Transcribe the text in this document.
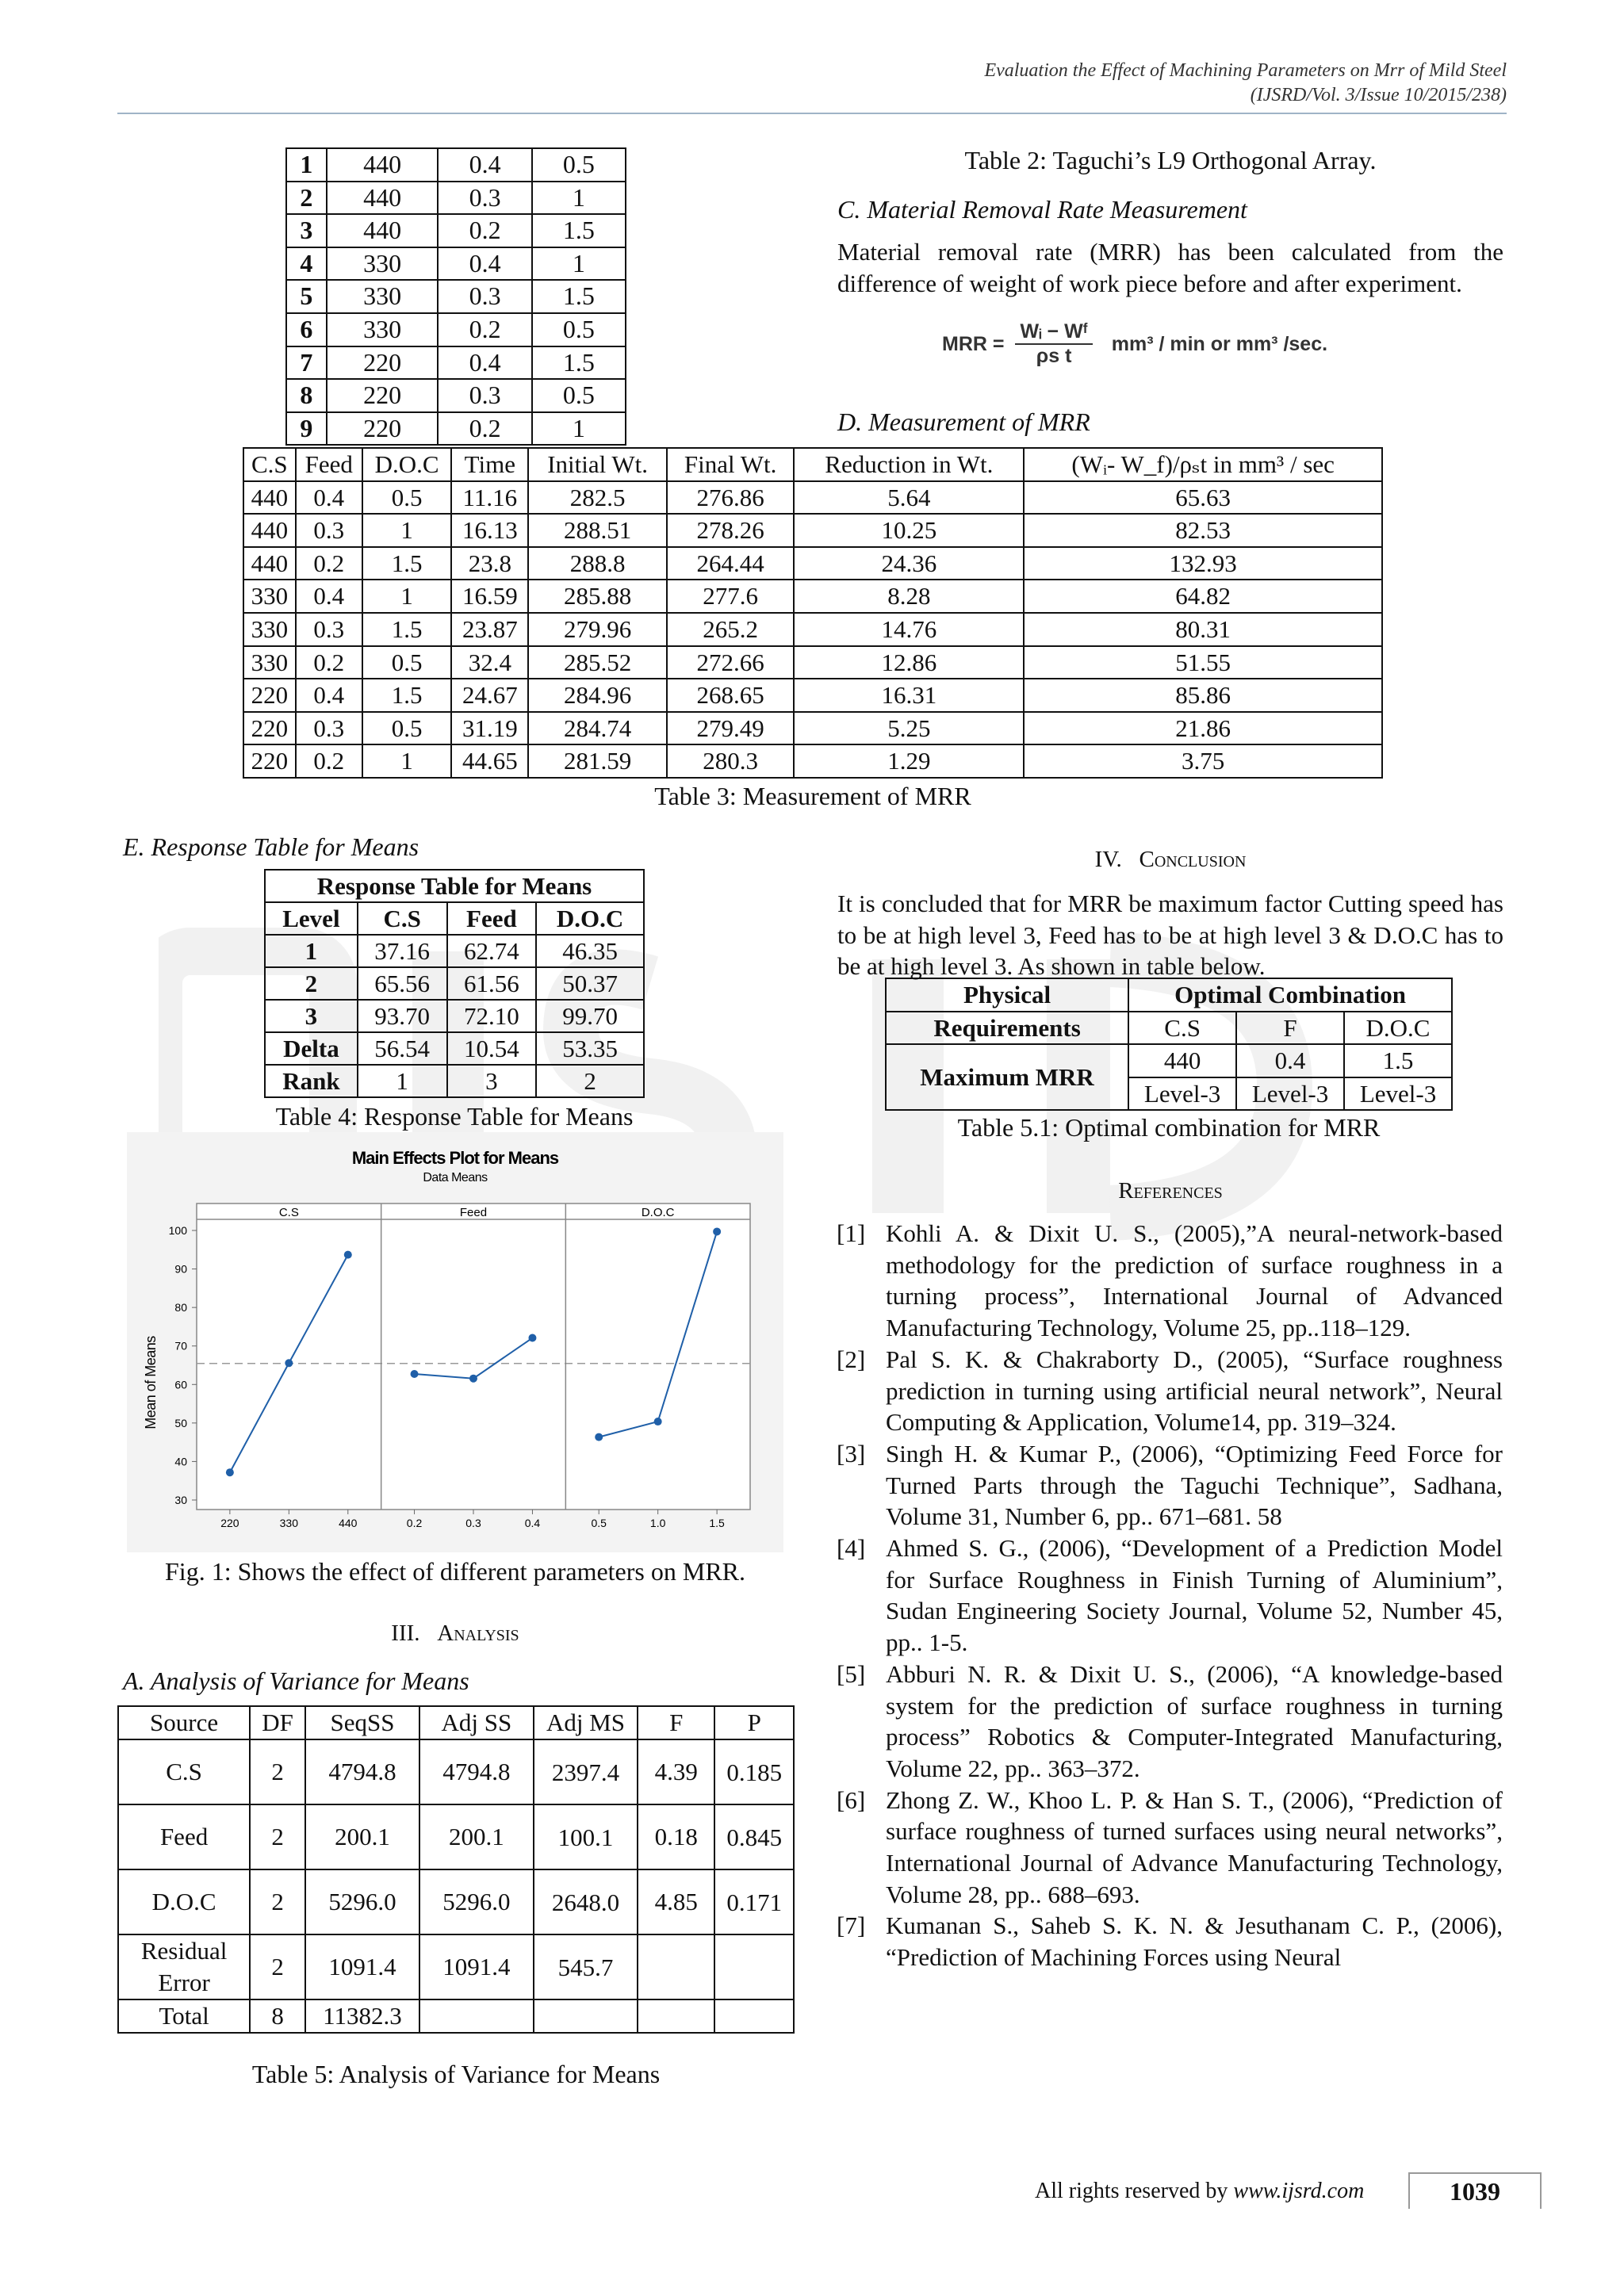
Evaluation the Effect of Machining Parameters on Mrr of Mild Steel
(IJSRD/Vol. 3/Issue 10/2015/238)
1	440	0.4	0.5
2	440	0.3	1
3	440	0.2	1.5
4	330	0.4	1
5	330	0.3	1.5
6	330	0.2	0.5
7	220	0.4	1.5
8	220	0.3	0.5
9	220	0.2	1
Table 2: Taguchi’s L9 Orthogonal Array.
C. Material Removal Rate Measurement
Material removal rate (MRR) has been calculated from the difference of weight of work piece before and after experiment.
MRR = $\frac{\text{Wᵢ − Wᶠ}}{\text{ρs t}} mm^3$ / min or mm³ /sec.
D. Measurement of MRR
C.S	Feed	D.O.C	Time	Initial Wt.	Final Wt.	Reduction in Wt.	(Wᵢ- W_f)/ρₛt in mm³ / sec
440	0.4	0.5	11.16	282.5	276.86	5.64	65.63
440	0.3	1	16.13	288.51	278.26	10.25	82.53
440	0.2	1.5	23.8	288.8	264.44	24.36	132.93
330	0.4	1	16.59	285.88	277.6	8.28	64.82
330	0.3	1.5	23.87	279.96	265.2	14.76	80.31
330	0.2	0.5	32.4	285.52	272.66	12.86	51.55
220	0.4	1.5	24.67	284.96	268.65	16.31	85.86
220	0.3	0.5	31.19	284.74	279.49	5.25	21.86
220	0.2	1	44.65	281.59	280.3	1.29	3.75
Table 3: Measurement of MRR
E. Response Table for Means
Response Table for Means			
Level	C.S	Feed	D.O.C
1	37.16	62.74	46.35
2	65.56	61.56	50.37
3	93.70	72.10	99.70
Delta	56.54	10.54	53.35
Rank	1	3	2
Table 4: Response Table for Means
Main Effects Plot for Means
Data Means
Mean of Means
30
40
50
60
70
80
90
100
C.S
220	330	440
Feed
0.2	0.3	0.4
D.O.C
0.5	1.0	1.5
Fig. 1: Shows the effect of different parameters on MRR.
III. Analysis
A. Analysis of Variance for Means
Source	DF	SeqSS	Adj SS	Adj MS	F	P
C.S	2	4794.8	4794.8	2397.4	4.39	0.185
Feed	2	200.1	200.1	100.1	0.18	0.845
D.O.C	2	5296.0	5296.0	2648.0	4.85	0.171
Residual Error	2	1091.4	1091.4	545.7		
Total	8	11382.3				
Table 5: Analysis of Variance for Means
IV. Conclusion
It is concluded that for MRR be maximum factor Cutting speed has to be at high level 3, Feed has to be at high level 3 & D.O.C has to be at high level 3. As shown in table below.
Physical	Optimal Combination		
Requirements	C.S	F	D.O.C
Maximum MRR	440	0.4	1.5
	Level-3	Level-3	Level-3
Table 5.1: Optimal combination for MRR
References
[1] Kohli A. & Dixit U. S., (2005),”A neural-network-based methodology for the prediction of surface roughness in a turning process”, International Journal of Advanced Manufacturing Technology, Volume 25, pp..118–129.
[2] Pal S. K. & Chakraborty D., (2005), “Surface roughness prediction in turning using artificial neural network”, Neural Computing & Application, Volume14, pp. 319–324.
[3] Singh H. & Kumar P., (2006), “Optimizing Feed Force for Turned Parts through the Taguchi Technique”, Sadhana, Volume 31, Number 6, pp.. 671–681. 58
[4] Ahmed S. G., (2006), “Development of a Prediction Model for Surface Roughness in Finish Turning of Aluminium”, Sudan Engineering Society Journal, Volume 52, Number 45, pp.. 1-5.
[5] Abburi N. R. & Dixit U. S., (2006), “A knowledge-based system for the prediction of surface roughness in turning process” Robotics & Computer-Integrated Manufacturing, Volume 22, pp.. 363–372.
[6] Zhong Z. W., Khoo L. P. & Han S. T., (2006), “Prediction of surface roughness of turned surfaces using neural networks”, International Journal of Advance Manufacturing Technology, Volume 28, pp.. 688–693.
[7] Kumanan S., Saheb S. K. N. & Jesuthanam C. P., (2006), “Prediction of Machining Forces using Neural
All rights reserved by www.ijsrd.com	1039
